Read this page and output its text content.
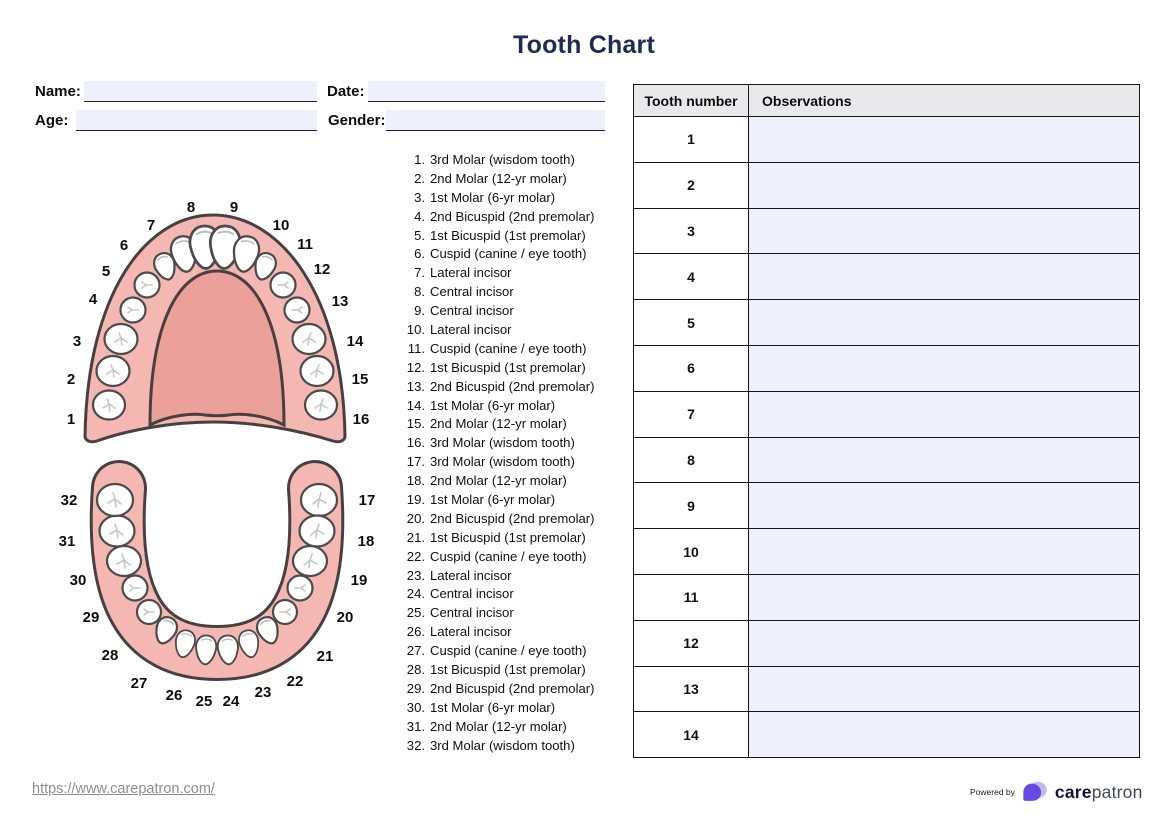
Tooth Chart
Name:	Date:
Age:	Gender:
1
2
3
4
5
6
7
8 9
10
11
12
13
14
15
16
17
18
19
20
21
22
23
24
25
26
27
28
29
30
31
32
1. 3rd Molar (wisdom tooth)
2. 2nd Molar (12-yr molar)
3. 1st Molar (6-yr molar)
4. 2nd Bicuspid (2nd premolar)
5. 1st Bicuspid (1st premolar)
6. Cuspid (canine / eye tooth)
7. Lateral incisor
8. Central incisor
9. Central incisor
10. Lateral incisor
11. Cuspid (canine / eye tooth)
12. 1st Bicuspid (1st premolar)
13. 2nd Bicuspid (2nd premolar)
14. 1st Molar (6-yr molar)
15. 2nd Molar (12-yr molar)
16. 3rd Molar (wisdom tooth)
17. 3rd Molar (wisdom tooth)
18. 2nd Molar (12-yr molar)
19. 1st Molar (6-yr molar)
20. 2nd Bicuspid (2nd premolar)
21. 1st Bicuspid (1st premolar)
22. Cuspid (canine / eye tooth)
23. Lateral incisor
24. Central incisor
25. Central incisor
26. Lateral incisor
27. Cuspid (canine / eye tooth)
28. 1st Bicuspid (1st premolar)
29. 2nd Bicuspid (2nd premolar)
30. 1st Molar (6-yr molar)
31. 2nd Molar (12-yr molar)
32. 3rd Molar (wisdom tooth)
Tooth number	Observations
1	
2	
3	
4	
5	
6	
7	
8	
9	
10	
11	
12	
13	
14	
https://www.carepatron.com/	Powered by carepatron
